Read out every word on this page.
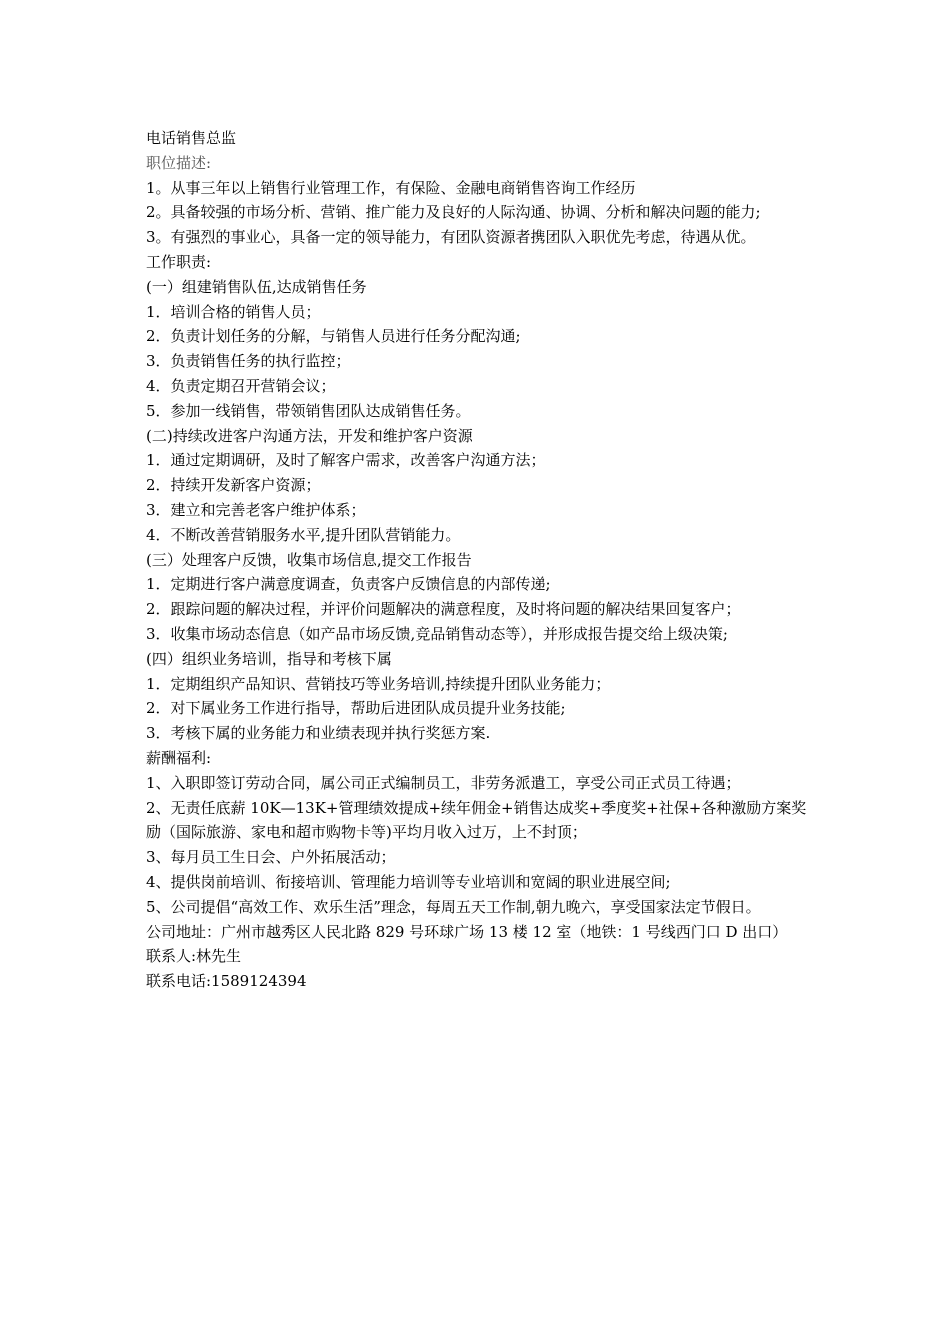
电话销售总监

职位描述:

1。从事三年以上销售行业管理工作，有保险、金融电商销售咨询工作经历

2。具备较强的市场分析、营销、推广能力及良好的人际沟通、协调、分析和解决问题的能力;

3。有强烈的事业心，具备一定的领导能力，有团队资源者携团队入职优先考虑，待遇从优。

工作职责:

(一）组建销售队伍,达成销售任务

1．培训合格的销售人员；

2．负责计划任务的分解，与销售人员进行任务分配沟通;

3．负责销售任务的执行监控；

4．负责定期召开营销会议；

5．参加一线销售，带领销售团队达成销售任务。

(二)持续改进客户沟通方法，开发和维护客户资源

1．通过定期调研，及时了解客户需求，改善客户沟通方法；

2．持续开发新客户资源；

3．建立和完善老客户维护体系；

4．不断改善营销服务水平,提升团队营销能力。

(三）处理客户反馈，收集市场信息,提交工作报告

1．定期进行客户满意度调查，负责客户反馈信息的内部传递;

2．跟踪问题的解决过程，并评价问题解决的满意程度，及时将问题的解决结果回复客户；

3．收集市场动态信息（如产品市场反馈,竞品销售动态等），并形成报告提交给上级决策;

(四）组织业务培训，指导和考核下属

1．定期组织产品知识、营销技巧等业务培训,持续提升团队业务能力；

2．对下属业务工作进行指导，帮助后进团队成员提升业务技能;

3．考核下属的业务能力和业绩表现并执行奖惩方案.

薪酬福利:

1、入职即签订劳动合同，属公司正式编制员工，非劳务派遣工，享受公司正式员工待遇；

2、无责任底薪 10K—13K+管理绩效提成+续年佣金+销售达成奖+季度奖+社保+各种激励方案奖励（国际旅游、家电和超市购物卡等)平均月收入过万，上不封顶；

3、每月员工生日会、户外拓展活动；

4、提供岗前培训、衔接培训、管理能力培训等专业培训和宽阔的职业进展空间;

5、公司提倡“高效工作、欢乐生活”理念，每周五天工作制,朝九晚六，享受国家法定节假日。

公司地址：广州市越秀区人民北路 829 号环球广场 13 楼 12 室（地铁：1 号线西门口 D 出口）

联系人:林先生

联系电话:1589124394
